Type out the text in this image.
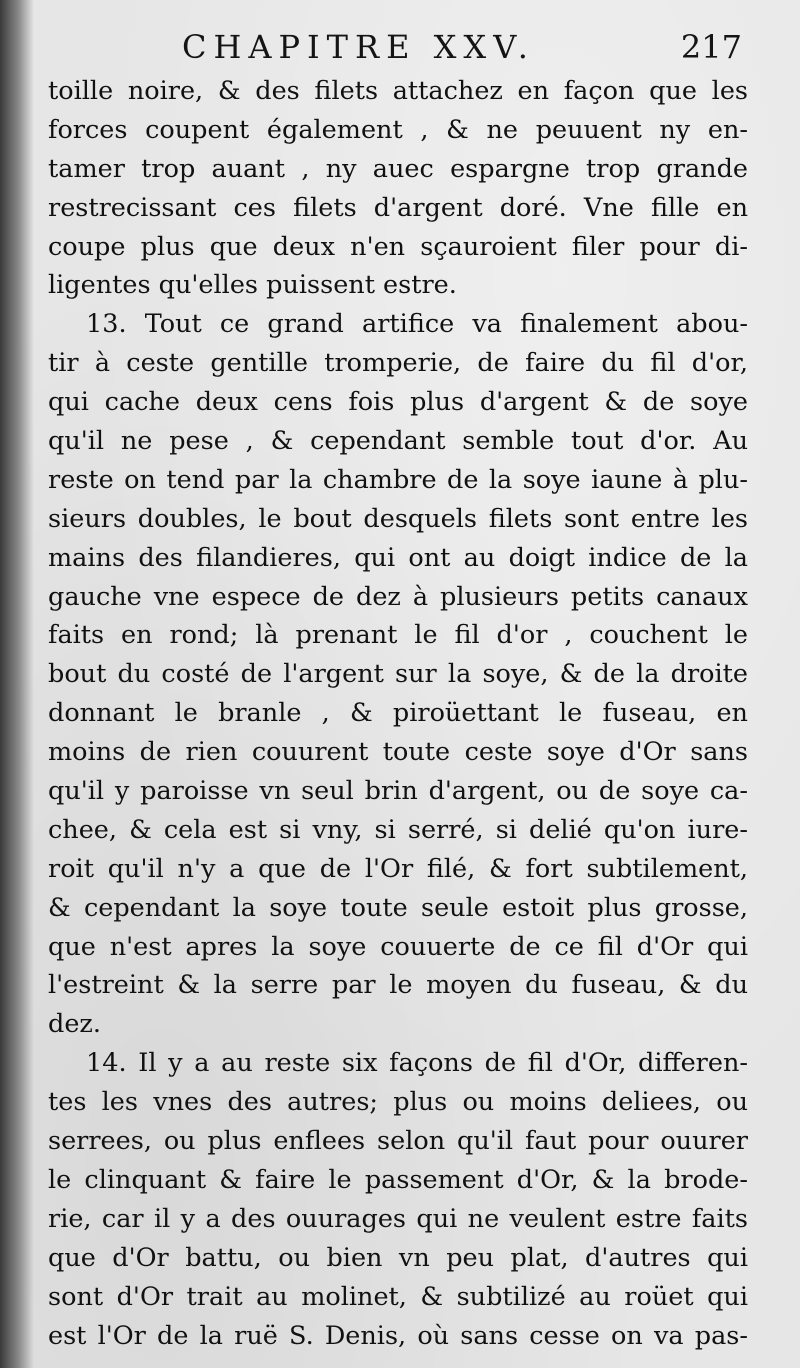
CHAPITRE XXV.	217
toille noire, & des filets attachez en façon que les
forces coupent également , & ne peuuent ny en-
tamer trop auant , ny auec espargne trop grande
restrecissant ces filets d'argent doré. Vne fille en
coupe plus que deux n'en sçauroient filer pour di-
ligentes qu'elles puissent estre.
13. Tout ce grand artifice va finalement abou-
tir à ceste gentille tromperie, de faire du fil d'or,
qui cache deux cens fois plus d'argent & de soye
qu'il ne pese , & cependant semble tout d'or. Au
reste on tend par la chambre de la soye iaune à plu-
sieurs doubles, le bout desquels filets sont entre les
mains des filandieres, qui ont au doigt indice de la
gauche vne espece de dez à plusieurs petits canaux
faits en rond; là prenant le fil d'or , couchent le
bout du costé de l'argent sur la soye, & de la droite
donnant le branle , & piroüettant le fuseau, en
moins de rien couurent toute ceste soye d'Or sans
qu'il y paroisse vn seul brin d'argent, ou de soye ca-
chee, & cela est si vny, si serré, si delié qu'on iure-
roit qu'il n'y a que de l'Or filé, & fort subtilement,
& cependant la soye toute seule estoit plus grosse,
que n'est apres la soye couuerte de ce fil d'Or qui
l'estreint & la serre par le moyen du fuseau, & du
dez.
14. Il y a au reste six façons de fil d'Or, differen-
tes les vnes des autres; plus ou moins deliees, ou
serrees, ou plus enflees selon qu'il faut pour ouurer
le clinquant & faire le passement d'Or, & la brode-
rie, car il y a des ouurages qui ne veulent estre faits
que d'Or battu, ou bien vn peu plat, d'autres qui
sont d'Or trait au molinet, & subtilizé au roüet qui
est l'Or de la ruë S. Denis, où sans cesse on va pas-
